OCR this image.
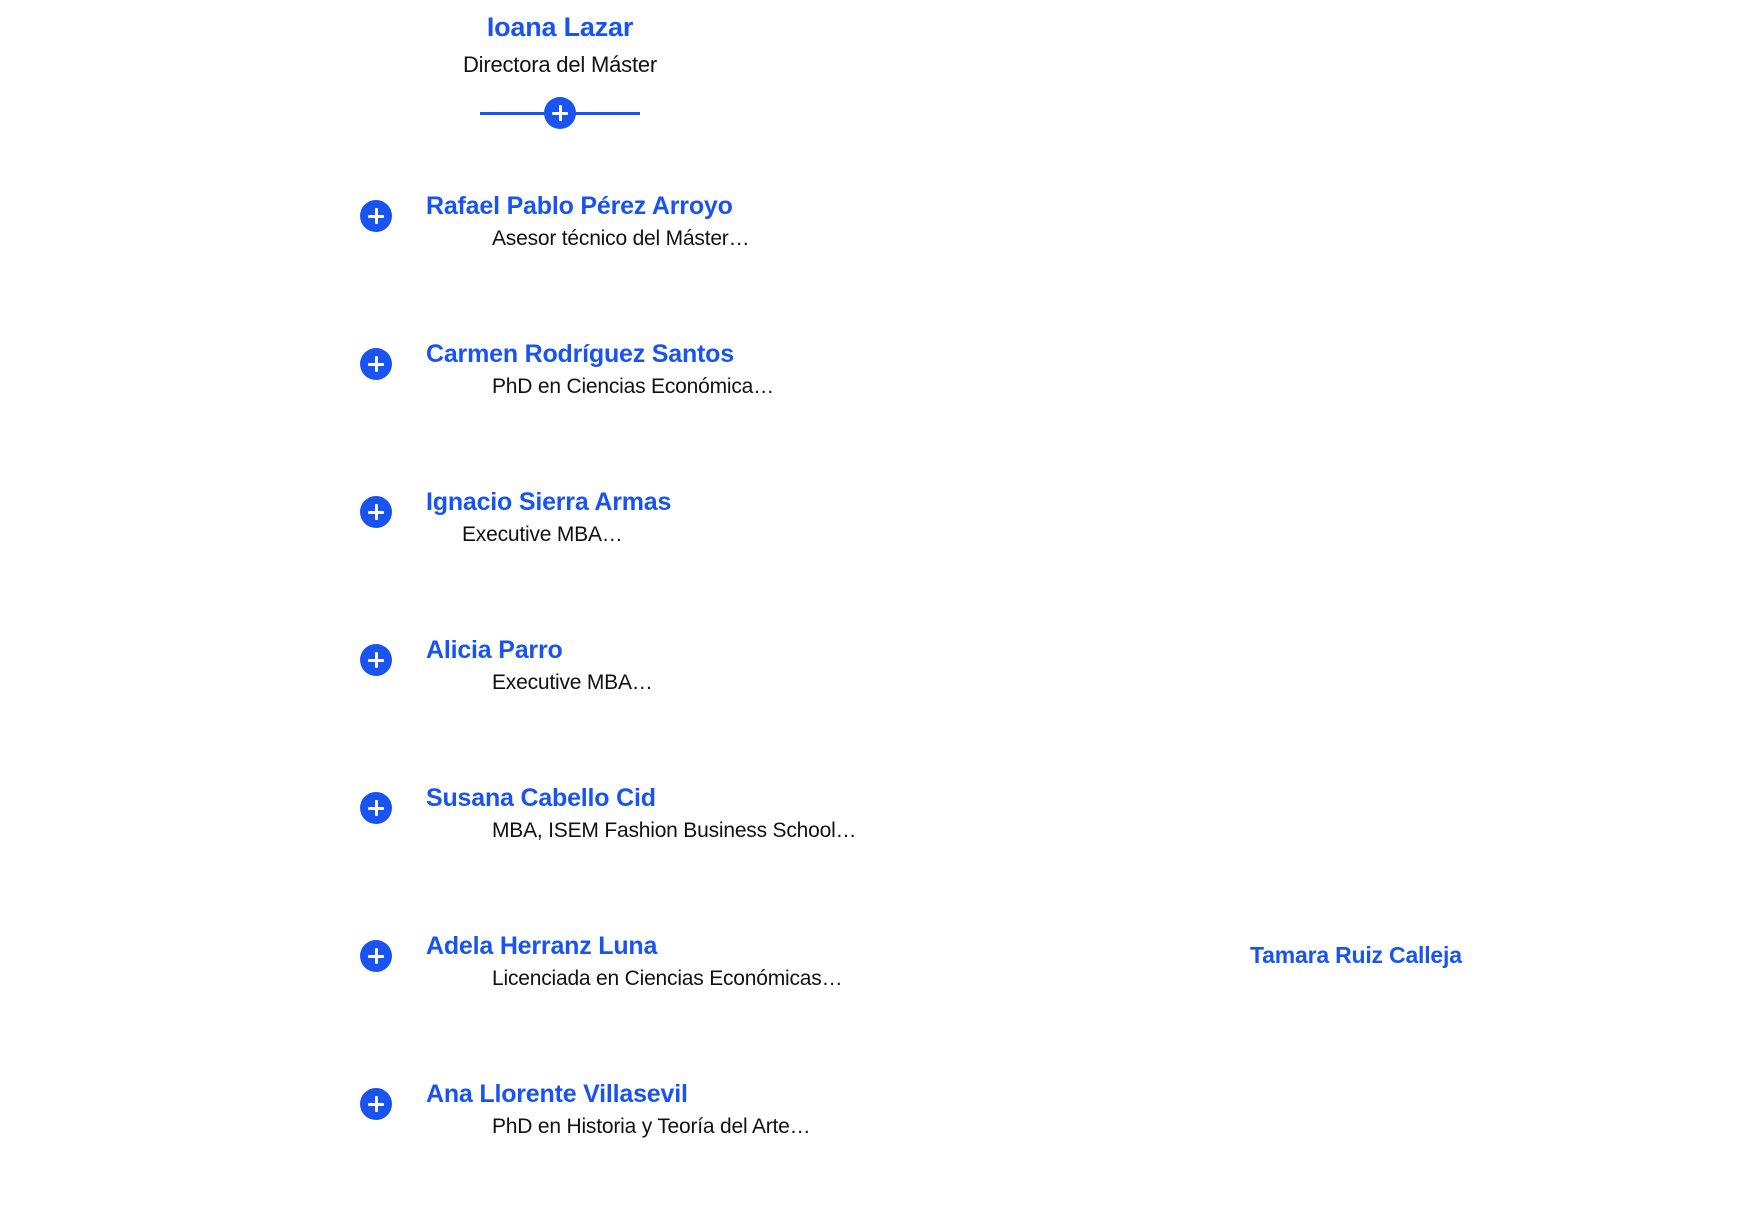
Ioana Lazar
Directora del Máster
Rafael Pablo Pérez Arroyo
Asesor técnico del Máster…
Carmen Rodríguez Santos
PhD en Ciencias Económica…
Ignacio Sierra Armas
Executive MBA…
Alicia Parro
Executive MBA…
Susana Cabello Cid
MBA, ISEM Fashion Business School…
Adela Herranz Luna
Licenciada en Ciencias Económicas…
Ana Llorente Villasevil
PhD en Historia y Teoría del Arte…
Tamara Ruiz Calleja
